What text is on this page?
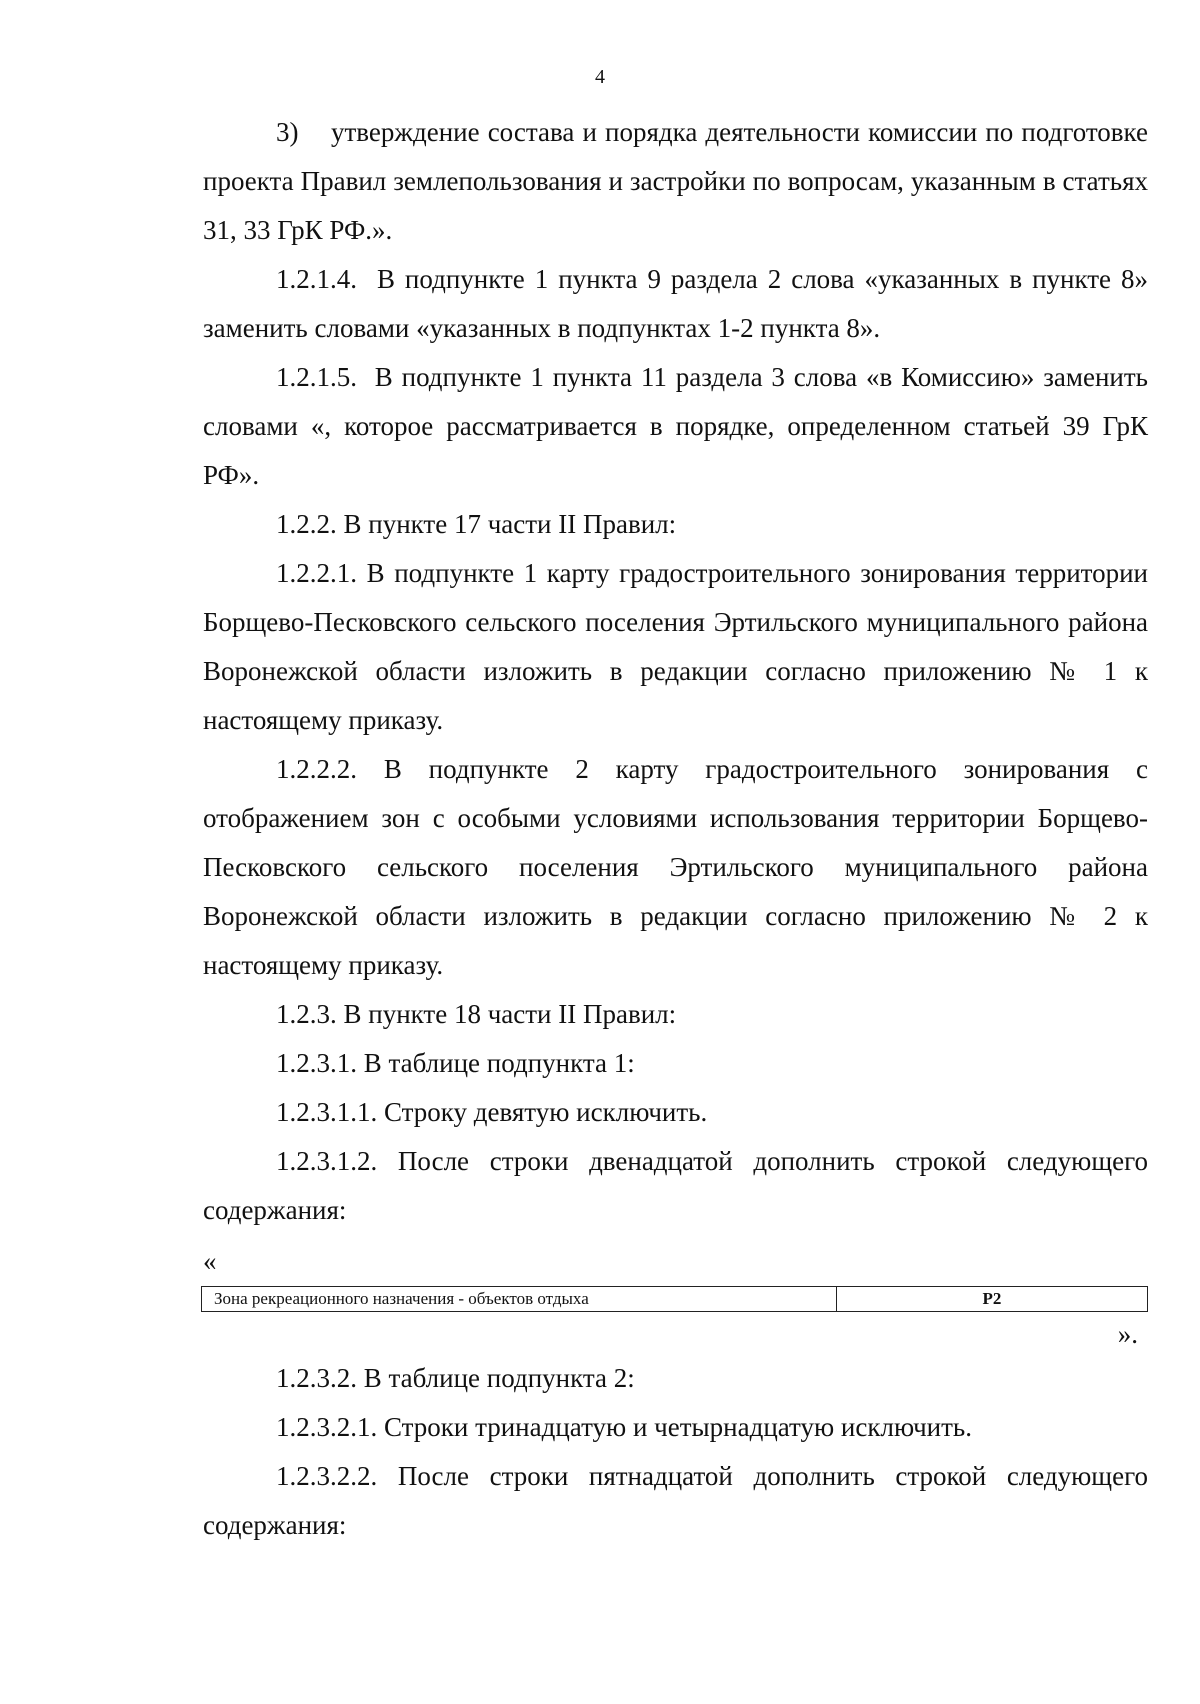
4

3)    утверждение состава и порядка деятельности комиссии по подготовке проекта Правил землепользования и застройки по вопросам, указанным в статьях 31, 33 ГрК РФ.».

1.2.1.4.  В подпункте 1 пункта 9 раздела 2 слова «указанных в пункте 8» заменить словами «указанных в подпунктах 1-2 пункта 8».

1.2.1.5.  В подпункте 1 пункта 11 раздела 3 слова «в Комиссию» заменить словами «, которое рассматривается в порядке, определенном статьей 39 ГрК РФ».

1.2.2. В пункте 17 части II Правил:

1.2.2.1. В подпункте 1 карту градостроительного зонирования территории Борщево-Песковского сельского поселения Эртильского муниципального района Воронежской области изложить в редакции согласно приложению № 1 к настоящему приказу.

1.2.2.2. В подпункте 2 карту градостроительного зонирования с отображением зон с особыми условиями использования территории Борщево-Песковского сельского поселения Эртильского муниципального района Воронежской области изложить в редакции согласно приложению № 2 к настоящему приказу.

1.2.3. В пункте 18 части II Правил:

1.2.3.1. В таблице подпункта 1:

1.2.3.1.1. Строку девятую исключить.

1.2.3.1.2. После строки двенадцатой дополнить строкой следующего содержания:

«
Зона рекреационного назначения - объектов отдыха	Р2
».

1.2.3.2. В таблице подпункта 2:

1.2.3.2.1. Строки тринадцатую и четырнадцатую исключить.

1.2.3.2.2. После строки пятнадцатой дополнить строкой следующего содержания:
